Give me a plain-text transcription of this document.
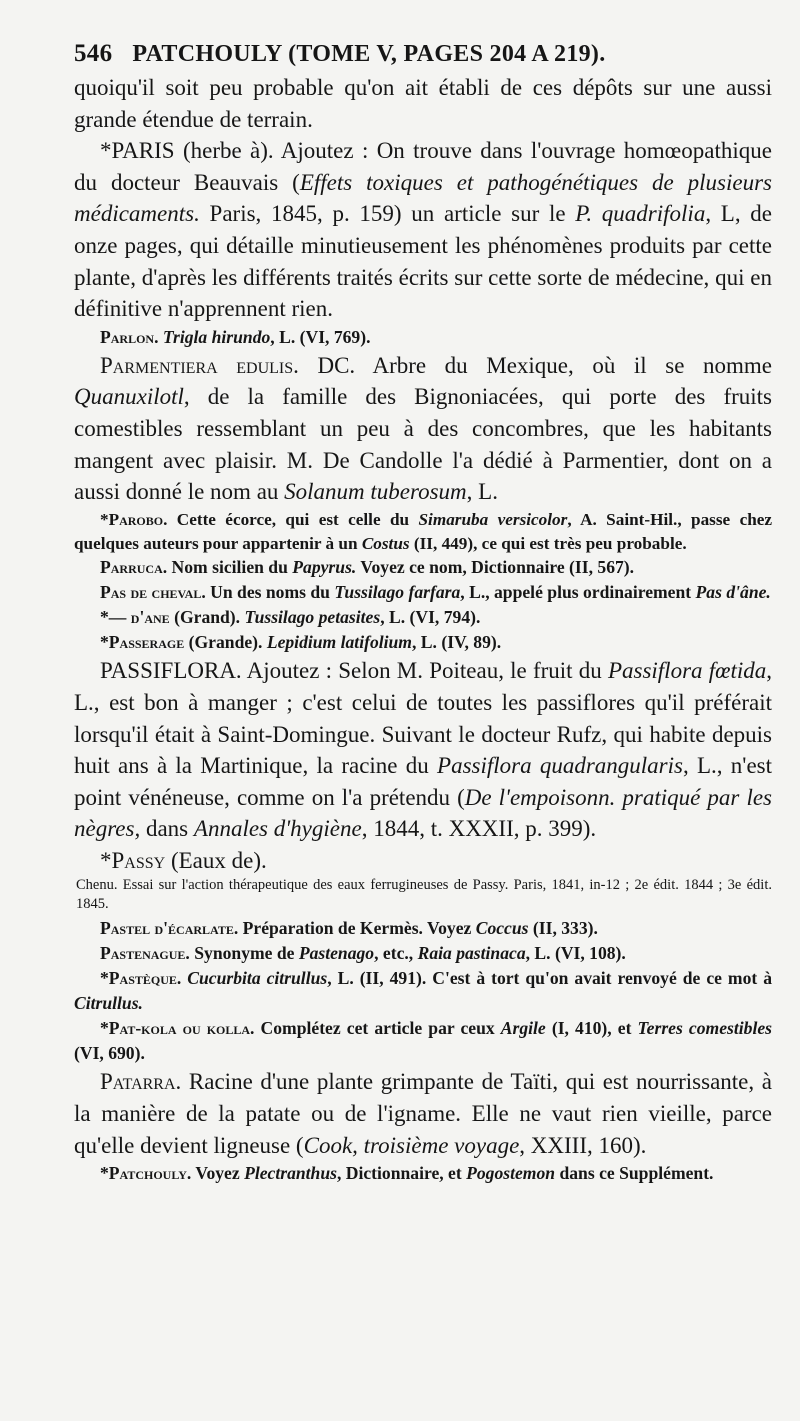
546 PATCHOULY (TOME V, PAGES 204 A 219).

quoiqu'il soit peu probable qu'on ait établi de ces dépôts sur une aussi grande étendue de terrain.

*PARIS (herbe à). Ajoutez : On trouve dans l'ouvrage homœopathique du docteur Beauvais (Effets toxiques et pathogénétiques de plusieurs médicaments. Paris, 1845, p. 159) un article sur le P. quadrifolia, L, de onze pages, qui détaille minutieusement les phénomènes produits par cette plante, d'après les différents traités écrits sur cette sorte de médecine, qui en définitive n'apprennent rien.

Parlon. Trigla hirundo, L. (VI, 769).

Parmentiera edulis. DC. Arbre du Mexique, où il se nomme Quanuxilotl, de la famille des Bignoniacées, qui porte des fruits comestibles ressemblant un peu à des concombres, que les habitants mangent avec plaisir. M. De Candolle l'a dédié à Parmentier, dont on a aussi donné le nom au Solanum tuberosum, L.

*Parobo. Cette écorce, qui est celle du Simaruba versicolor, A. Saint-Hil., passe chez quelques auteurs pour appartenir à un Costus (II, 449), ce qui est très peu probable.

Parruca. Nom sicilien du Papyrus. Voyez ce nom, Dictionnaire (II, 567).

Pas de cheval. Un des noms du Tussilago farfara, L., appelé plus ordinairement Pas d'âne.

*— d'ane (Grand). Tussilago petasites, L. (VI, 794).

*Passerage (Grande). Lepidium latifolium, L. (IV, 89).

PASSIFLORA. Ajoutez : Selon M. Poiteau, le fruit du Passiflora fœtida, L., est bon à manger ; c'est celui de toutes les passiflores qu'il préférait lorsqu'il était à Saint-Domingue. Suivant le docteur Rufz, qui habite depuis huit ans à la Martinique, la racine du Passiflora quadrangularis, L., n'est point vénéneuse, comme on l'a prétendu (De l'empoisonn. pratiqué par les nègres, dans Annales d'hygiène, 1844, t. XXXII, p. 399).

*Passy (Eaux de).

Chenu. Essai sur l'action thérapeutique des eaux ferrugineuses de Passy. Paris, 1841, in-12 ; 2e édit. 1844 ; 3e édit. 1845.

Pastel d'écarlate. Préparation de Kermès. Voyez Coccus (II, 333).

Pastenague. Synonyme de Pastenago, etc., Raia pastinaca, L. (VI, 108).

*Pastèque. Cucurbita citrullus, L. (II, 491). C'est à tort qu'on avait renvoyé de ce mot à Citrullus.

*Pat-kola ou kolla. Complétez cet article par ceux Argile (I, 410), et Terres comestibles (VI, 690).

Patarra. Racine d'une plante grimpante de Taïti, qui est nourrissante, à la manière de la patate ou de l'igname. Elle ne vaut rien vieille, parce qu'elle devient ligneuse (Cook, troisième voyage, XXIII, 160).

*Patchouly. Voyez Plectranthus, Dictionnaire, et Pogostemon dans ce Supplément.
